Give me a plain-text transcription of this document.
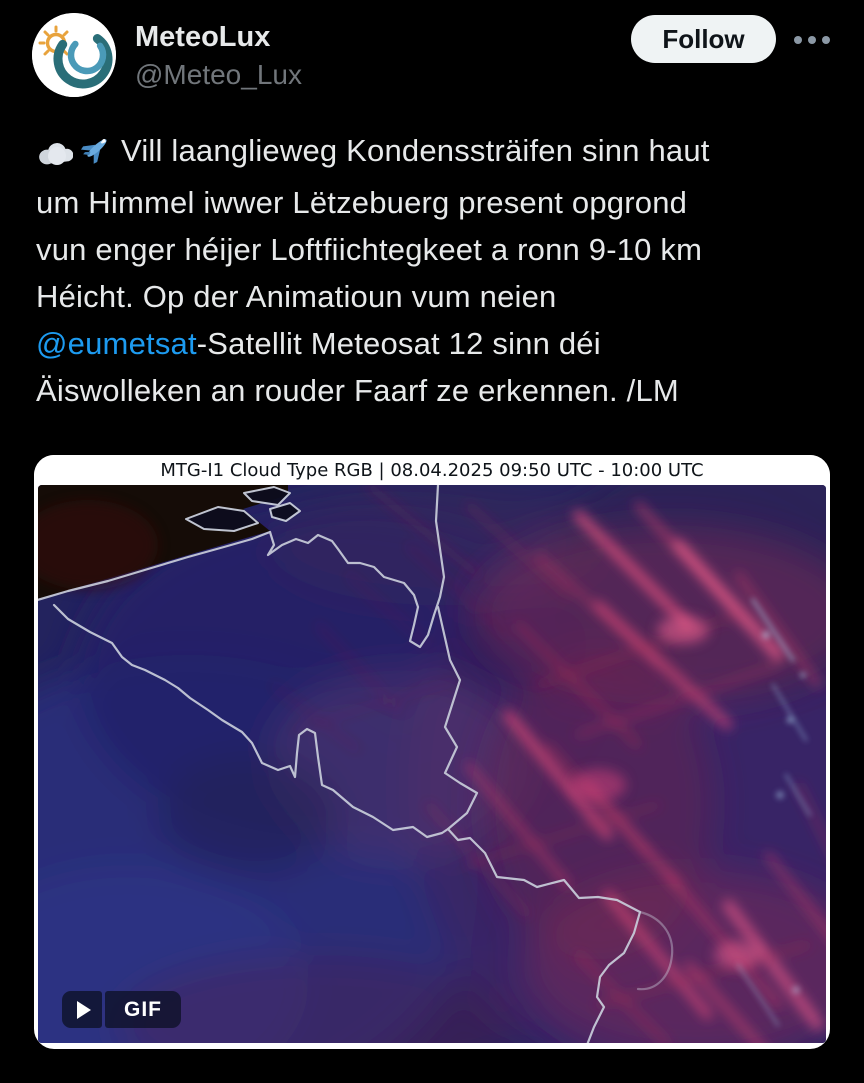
MeteoLux
@Meteo_Lux
Follow
Vill laanglieweg Kondenssträifen sinn haut
um Himmel iwwer Lëtzebuerg present opgrond
vun enger héijer Loftfiichtegkeet a ronn 9-10 km
Héicht. Op der Animatioun vum neien
@eumetsat-Satellit Meteosat 12 sinn déi
Äiswolleken an rouder Faarf ze erkennen. /LM
MTG-I1 Cloud Type RGB | 08.04.2025 09:50 UTC - 10:00 UTC
GIF
